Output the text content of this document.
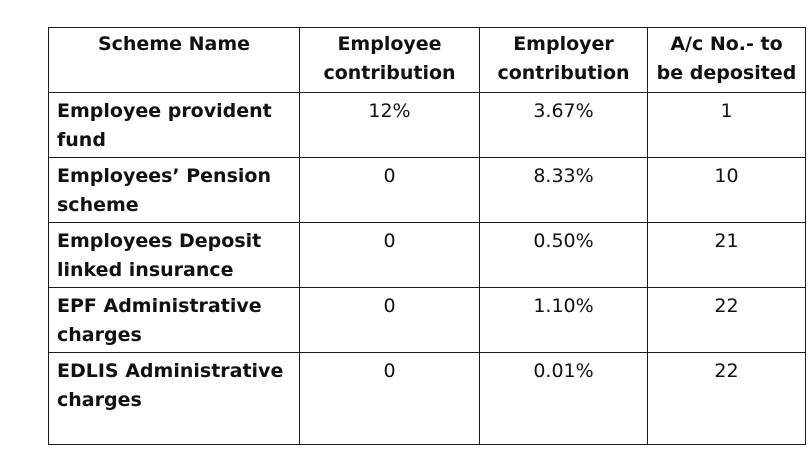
Scheme Name	Employee contribution	Employer contribution	A/c No.- to be deposited
Employee provident fund	12%	3.67%	1
Employees’ Pension scheme	0	8.33%	10
Employees Deposit linked insurance	0	0.50%	21
EPF Administrative charges	0	1.10%	22
EDLIS Administrative charges	0	0.01%	22
